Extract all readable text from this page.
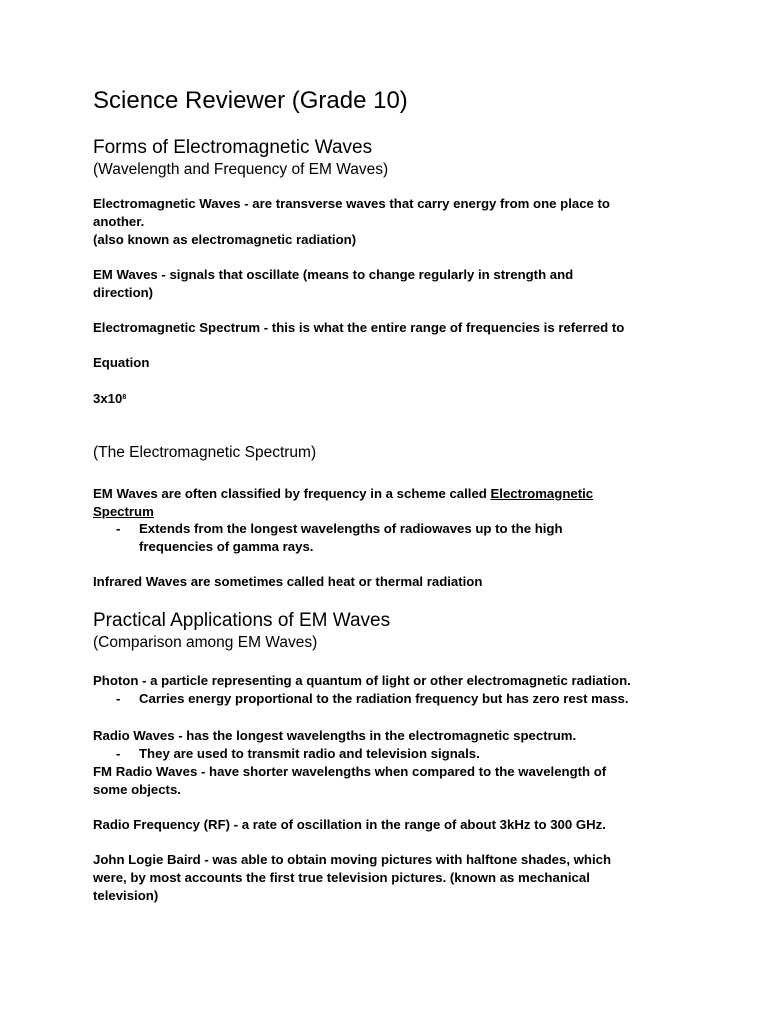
Science Reviewer (Grade 10)
Forms of Electromagnetic Waves
(Wavelength and Frequency of EM Waves)
Electromagnetic Waves - are transverse waves that carry energy from one place to
another.
(also known as electromagnetic radiation)
EM Waves - signals that oscillate (means to change regularly in strength and
direction)
Electromagnetic Spectrum - this is what the entire range of frequencies is referred to
Equation
$3x10^8$
(The Electromagnetic Spectrum)
EM Waves are often classified by frequency in a scheme called Electromagnetic
Spectrum
- Extends from the longest wavelengths of radiowaves up to the high
frequencies of gamma rays.
Infrared Waves are sometimes called heat or thermal radiation
Practical Applications of EM Waves
(Comparison among EM Waves)
Photon - a particle representing a quantum of light or other electromagnetic radiation.
- Carries energy proportional to the radiation frequency but has zero rest mass.
Radio Waves - has the longest wavelengths in the electromagnetic spectrum.
- They are used to transmit radio and television signals.
FM Radio Waves - have shorter wavelengths when compared to the wavelength of
some objects.
Radio Frequency (RF) - a rate of oscillation in the range of about 3kHz to 300 GHz.
John Logie Baird - was able to obtain moving pictures with halftone shades, which
were, by most accounts the first true television pictures. (known as mechanical
television)
